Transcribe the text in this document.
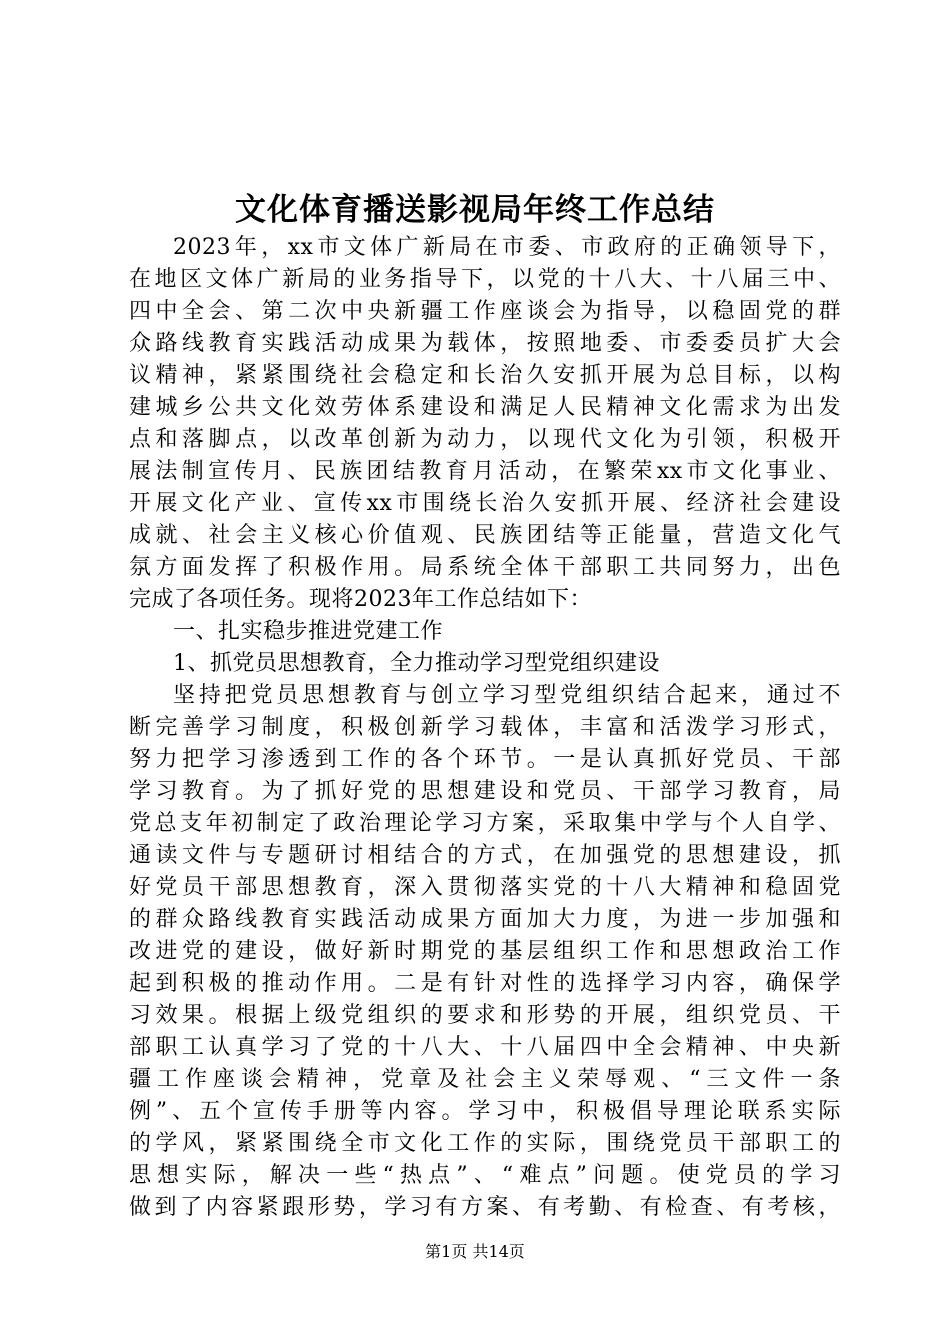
文化体育播送影视局年终工作总结
2023年，xx市文体广新局在市委、市政府的正确领导下，
在地区文体广新局的业务指导下，以党的十八大、十八届三中、
四中全会、第二次中央新疆工作座谈会为指导，以稳固党的群
众路线教育实践活动成果为载体，按照地委、市委委员扩大会
议精神，紧紧围绕社会稳定和长治久安抓开展为总目标，以构
建城乡公共文化效劳体系建设和满足人民精神文化需求为出发
点和落脚点，以改革创新为动力，以现代文化为引领，积极开
展法制宣传月、民族团结教育月活动，在繁荣xx市文化事业、
开展文化产业、宣传xx市围绕长治久安抓开展、经济社会建设
成就、社会主义核心价值观、民族团结等正能量，营造文化气
氛方面发挥了积极作用。局系统全体干部职工共同努力，出色
完成了各项任务。现将2023年工作总结如下：
一、扎实稳步推进党建工作
1、抓党员思想教育，全力推动学习型党组织建设
坚持把党员思想教育与创立学习型党组织结合起来，通过不
断完善学习制度，积极创新学习载体，丰富和活泼学习形式，
努力把学习渗透到工作的各个环节。一是认真抓好党员、干部
学习教育。为了抓好党的思想建设和党员、干部学习教育，局
党总支年初制定了政治理论学习方案，采取集中学与个人自学、
通读文件与专题研讨相结合的方式，在加强党的思想建设，抓
好党员干部思想教育，深入贯彻落实党的十八大精神和稳固党
的群众路线教育实践活动成果方面加大力度，为进一步加强和
改进党的建设，做好新时期党的基层组织工作和思想政治工作
起到积极的推动作用。二是有针对性的选择学习内容，确保学
习效果。根据上级党组织的要求和形势的开展，组织党员、干
部职工认真学习了党的十八大、十八届四中全会精神、中央新
疆工作座谈会精神，党章及社会主义荣辱观、“三文件一条
例”、五个宣传手册等内容。学习中，积极倡导理论联系实际
的学风，紧紧围绕全市文化工作的实际，围绕党员干部职工的
思想实际，解决一些“热点”、“难点”问题。使党员的学习
做到了内容紧跟形势，学习有方案、有考勤、有检查、有考核，
第1页 共14页
